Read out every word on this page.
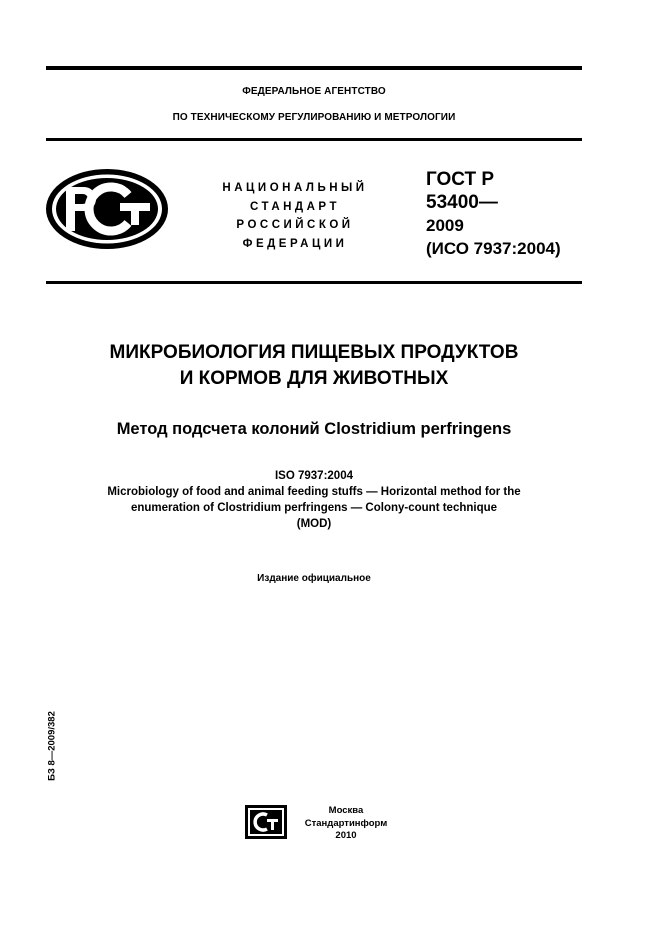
ФЕДЕРАЛЬНОЕ АГЕНТСТВО
ПО ТЕХНИЧЕСКОМУ РЕГУЛИРОВАНИЮ И МЕТРОЛОГИИ
НАЦИОНАЛЬНЫЙ
СТАНДАРТ
РОССИЙСКОЙ
ФЕДЕРАЦИИ
ГОСТ Р
53400—
2009
(ИСО 7937:2004)
МИКРОБИОЛОГИЯ ПИЩЕВЫХ ПРОДУКТОВ
И КОРМОВ ДЛЯ ЖИВОТНЫХ
Метод подсчета колоний Clostridium perfringens
ISO 7937:2004
Microbiology of food and animal feeding stuffs — Horizontal method for the
enumeration of Clostridium perfringens — Colony-count technique
(MOD)
Издание официальное
БЗ 8—2009/382
Москва
Стандартинформ
2010
